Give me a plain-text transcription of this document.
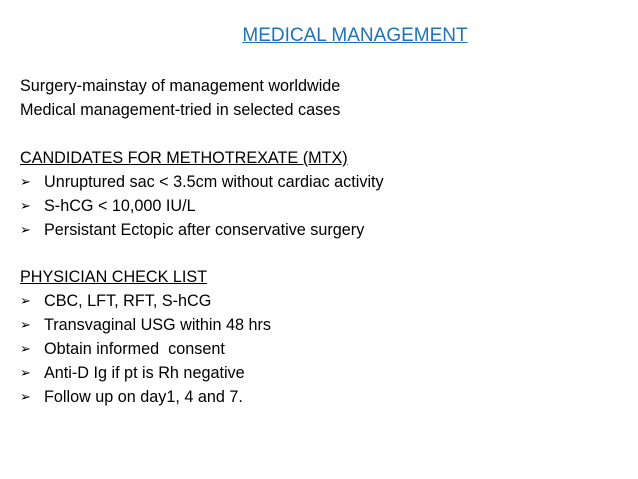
MEDICAL MANAGEMENT
Surgery-mainstay of management worldwide
Medical management-tried in selected cases
CANDIDATES FOR METHOTREXATE (MTX)
➢ Unruptured sac < 3.5cm without cardiac activity
➢ S-hCG < 10,000 IU/L
➢ Persistant Ectopic after conservative surgery
PHYSICIAN CHECK LIST
➢ CBC, LFT, RFT, S-hCG
➢ Transvaginal USG within 48 hrs
➢ Obtain informed  consent
➢ Anti-D Ig if pt is Rh negative
➢ Follow up on day1, 4 and 7.
